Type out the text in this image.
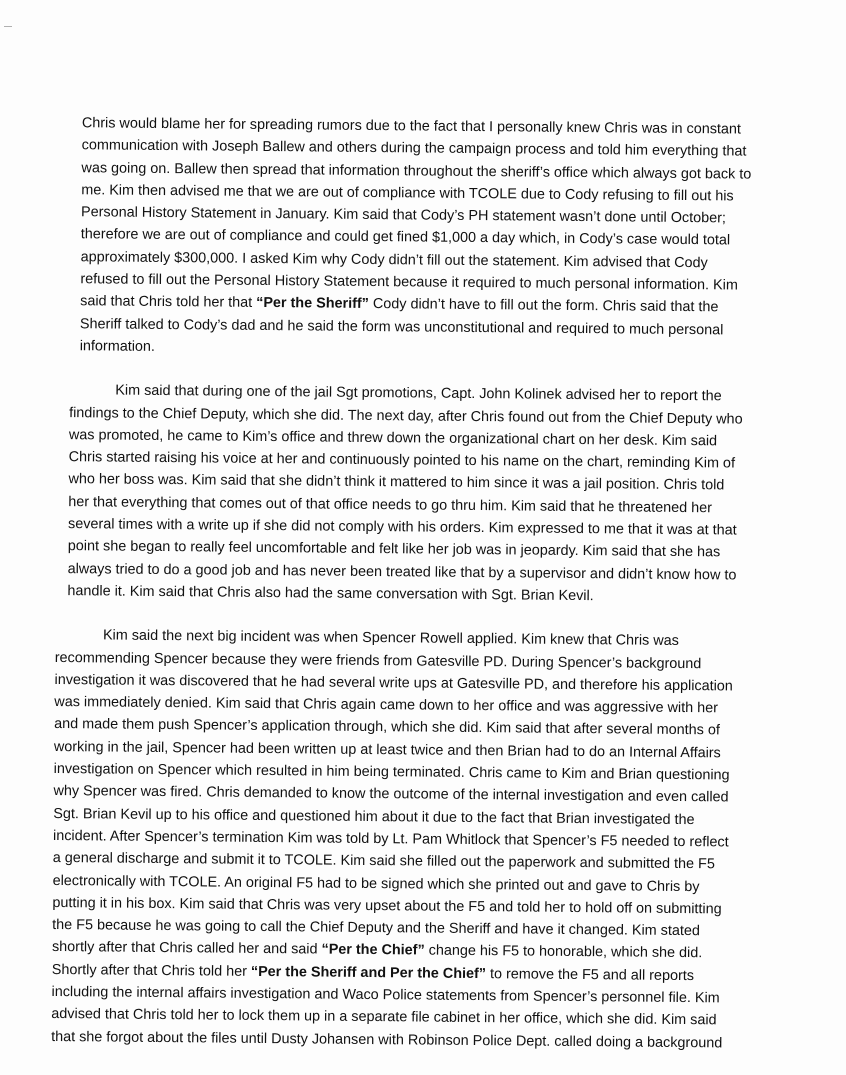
Chris would blame her for spreading rumors due to the fact that I personally knew Chris was in constant
communication with Joseph Ballew and others during the campaign process and told him everything that
was going on. Ballew then spread that information throughout the sheriff’s office which always got back to
me. Kim then advised me that we are out of compliance with TCOLE due to Cody refusing to fill out his
Personal History Statement in January. Kim said that Cody’s PH statement wasn’t done until October;
therefore we are out of compliance and could get fined $1,000 a day which, in Cody’s case would total
approximately $300,000. I asked Kim why Cody didn’t fill out the statement. Kim advised that Cody
refused to fill out the Personal History Statement because it required to much personal information. Kim
said that Chris told her that “Per the Sheriff” Cody didn’t have to fill out the form. Chris said that the
Sheriff talked to Cody’s dad and he said the form was unconstitutional and required to much personal
information.

Kim said that during one of the jail Sgt promotions, Capt. John Kolinek advised her to report the
findings to the Chief Deputy, which she did. The next day, after Chris found out from the Chief Deputy who
was promoted, he came to Kim’s office and threw down the organizational chart on her desk. Kim said
Chris started raising his voice at her and continuously pointed to his name on the chart, reminding Kim of
who her boss was. Kim said that she didn’t think it mattered to him since it was a jail position. Chris told
her that everything that comes out of that office needs to go thru him. Kim said that he threatened her
several times with a write up if she did not comply with his orders. Kim expressed to me that it was at that
point she began to really feel uncomfortable and felt like her job was in jeopardy. Kim said that she has
always tried to do a good job and has never been treated like that by a supervisor and didn’t know how to
handle it. Kim said that Chris also had the same conversation with Sgt. Brian Kevil.

Kim said the next big incident was when Spencer Rowell applied. Kim knew that Chris was
recommending Spencer because they were friends from Gatesville PD. During Spencer’s background
investigation it was discovered that he had several write ups at Gatesville PD, and therefore his application
was immediately denied. Kim said that Chris again came down to her office and was aggressive with her
and made them push Spencer’s application through, which she did. Kim said that after several months of
working in the jail, Spencer had been written up at least twice and then Brian had to do an Internal Affairs
investigation on Spencer which resulted in him being terminated. Chris came to Kim and Brian questioning
why Spencer was fired. Chris demanded to know the outcome of the internal investigation and even called
Sgt. Brian Kevil up to his office and questioned him about it due to the fact that Brian investigated the
incident. After Spencer’s termination Kim was told by Lt. Pam Whitlock that Spencer’s F5 needed to reflect
a general discharge and submit it to TCOLE. Kim said she filled out the paperwork and submitted the F5
electronically with TCOLE. An original F5 had to be signed which she printed out and gave to Chris by
putting it in his box. Kim said that Chris was very upset about the F5 and told her to hold off on submitting
the F5 because he was going to call the Chief Deputy and the Sheriff and have it changed. Kim stated
shortly after that Chris called her and said “Per the Chief” change his F5 to honorable, which she did.
Shortly after that Chris told her “Per the Sheriff and Per the Chief” to remove the F5 and all reports
including the internal affairs investigation and Waco Police statements from Spencer’s personnel file. Kim
advised that Chris told her to lock them up in a separate file cabinet in her office, which she did. Kim said
that she forgot about the files until Dusty Johansen with Robinson Police Dept. called doing a background
